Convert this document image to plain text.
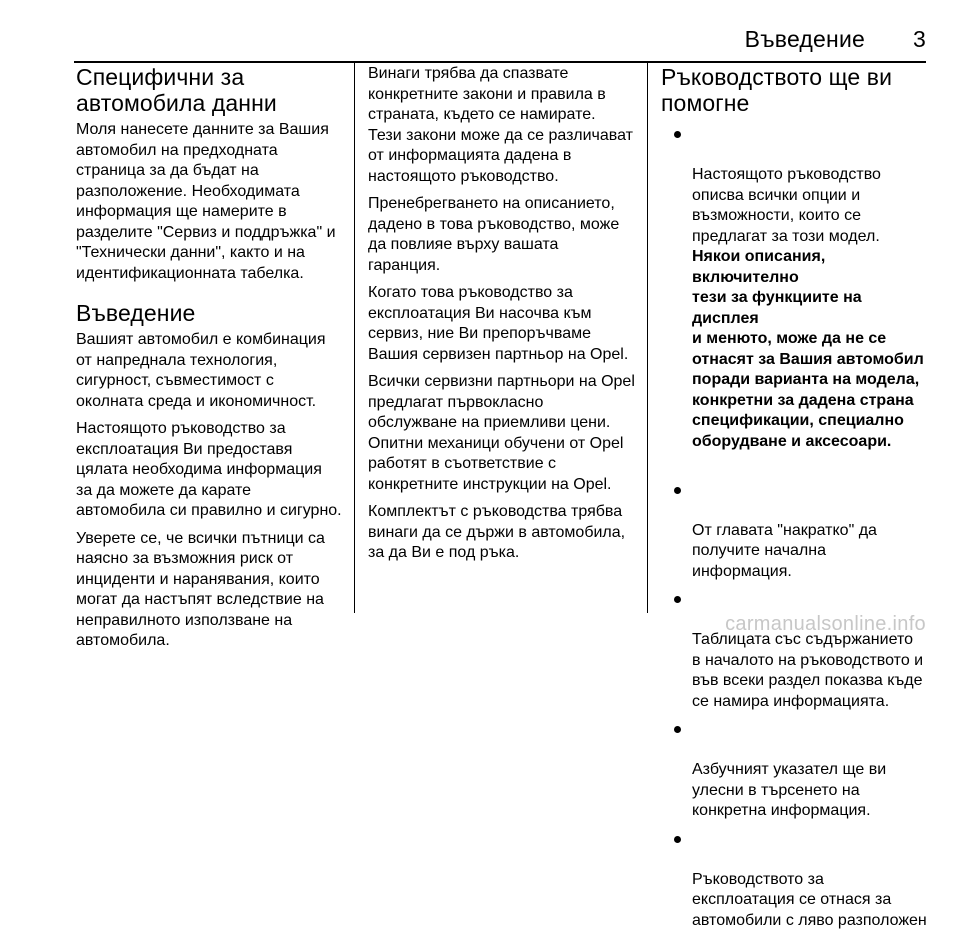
Въведение 3
Специфични за
автомобила данни

Моля нанесете данните за Вашия
автомобил на предходната
страница за да бъдат на
разположение. Необходимата
информация ще намерите в
разделите "Сервиз и поддръжка" и
"Технически данни", както и на
идентификационната табелка.

Въведение

Вашият автомобил е комбинация
от напреднала технология,
сигурност, съвместимост с
околната среда и икономичност.

Настоящото ръководство за
експлоатация Ви предоставя
цялата необходима информация
за да можете да карате
автомобила си правилно и сигурно.

Уверете се, че всички пътници са
наясно за възможния риск от
инциденти и наранявания, които
могат да настъпят вследствие на
неправилното използване на
автомобила.

Винаги трябва да спазвате
конкретните закони и правила в
страната, където се намирате.
Тези закони може да се различават
от информацията дадена в
настоящото ръководство.

Пренебрегването на описанието,
дадено в това ръководство, може
да повлияе върху вашата
гаранция.

Когато това ръководство за
експлоатация Ви насочва към
сервиз, ние Ви препоръчваме
Вашия сервизен партньор на Opel.

Всички сервизни партньори на Opel
предлагат първокласно
обслужване на приемливи цени.
Опитни механици обучени от Opel
работят в съответствие с
конкретните инструкции на Opel.

Комплектът с ръководства трябва
винаги да се държи в автомобила,
за да Ви е под ръка.

Ръководството ще ви
помогне

Настоящото ръководство
описва всички опции и
възможности, които се
предлагат за този модел.

Някои описания, включително
тези за функциите на дисплея
и менюто, може да не се
отнасят за Вашия автомобил
поради варианта на модела,
конкретни за дадена страна
спецификации, специално
оборудване и аксесоари.

От главата "накратко" да
получите начална
информация.

Таблицата със съдържанието
в началото на ръководството и
във всеки раздел показва къде
се намира информацията.

Азбучният указател ще ви
улесни в търсенето на
конкретна информация.

Ръководството за
експлоатация се отнася за
автомобили с ляво разположен

carmanualsonline.info
